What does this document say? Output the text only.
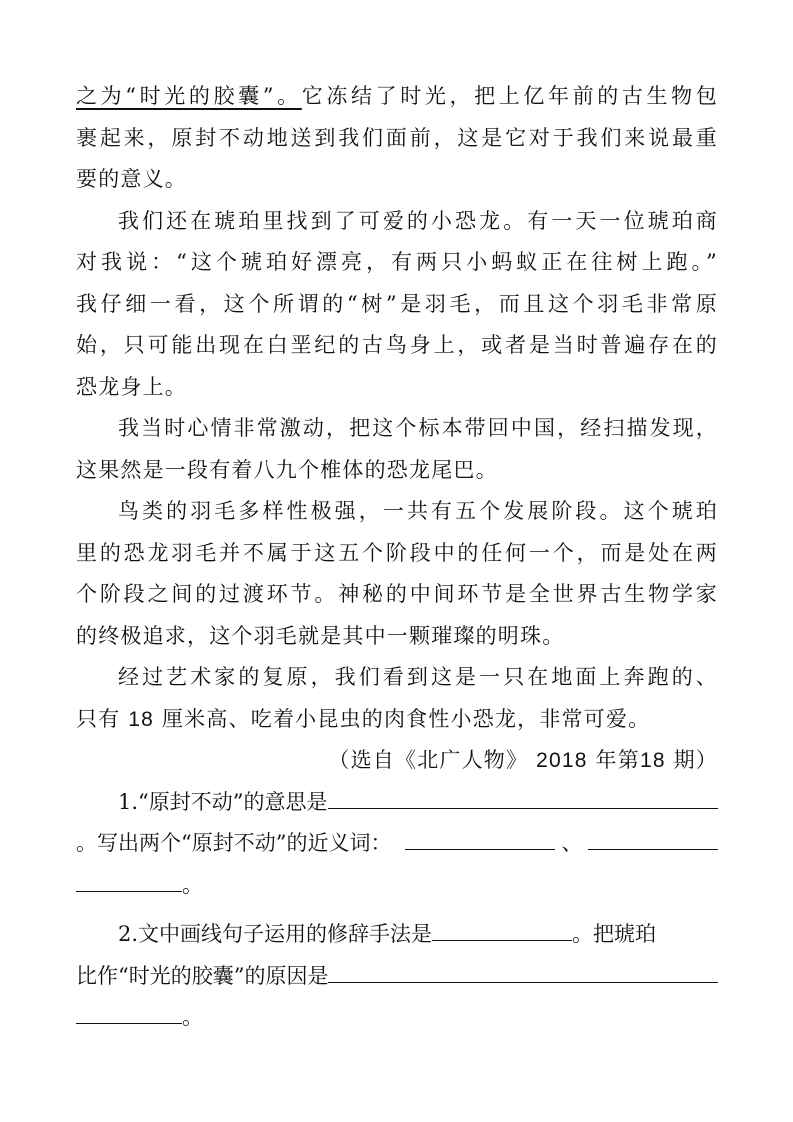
之为“时光的胶囊”。它冻结了时光，把上亿年前的古生物包
裹起来，原封不动地送到我们面前，这是它对于我们来说最重
要的意义。
我们还在琥珀里找到了可爱的小恐龙。有一天一位琥珀商
对我说：“这个琥珀好漂亮，有两只小蚂蚁正在往树上跑。”
我仔细一看，这个所谓的“树”是羽毛，而且这个羽毛非常原
始，只可能出现在白垩纪的古鸟身上，或者是当时普遍存在的
恐龙身上。
我当时心情非常激动，把这个标本带回中国，经扫描发现，
这果然是一段有着八九个椎体的恐龙尾巴。
鸟类的羽毛多样性极强，一共有五个发展阶段。这个琥珀
里的恐龙羽毛并不属于这五个阶段中的任何一个，而是处在两
个阶段之间的过渡环节。神秘的中间环节是全世界古生物学家
的终极追求，这个羽毛就是其中一颗璀璨的明珠。
经过艺术家的复原，我们看到这是一只在地面上奔跑的、
只有 18 厘米高、吃着小昆虫的肉食性小恐龙，非常可爱。
（选自《北广人物》 2018 年第18 期）
1.“原封不动”的意思是
。写出两个“原封不动”的近义词：	、
。
2.文中画线句子运用的修辞手法是	。把琥珀
比作“时光的胶囊”的原因是
。
